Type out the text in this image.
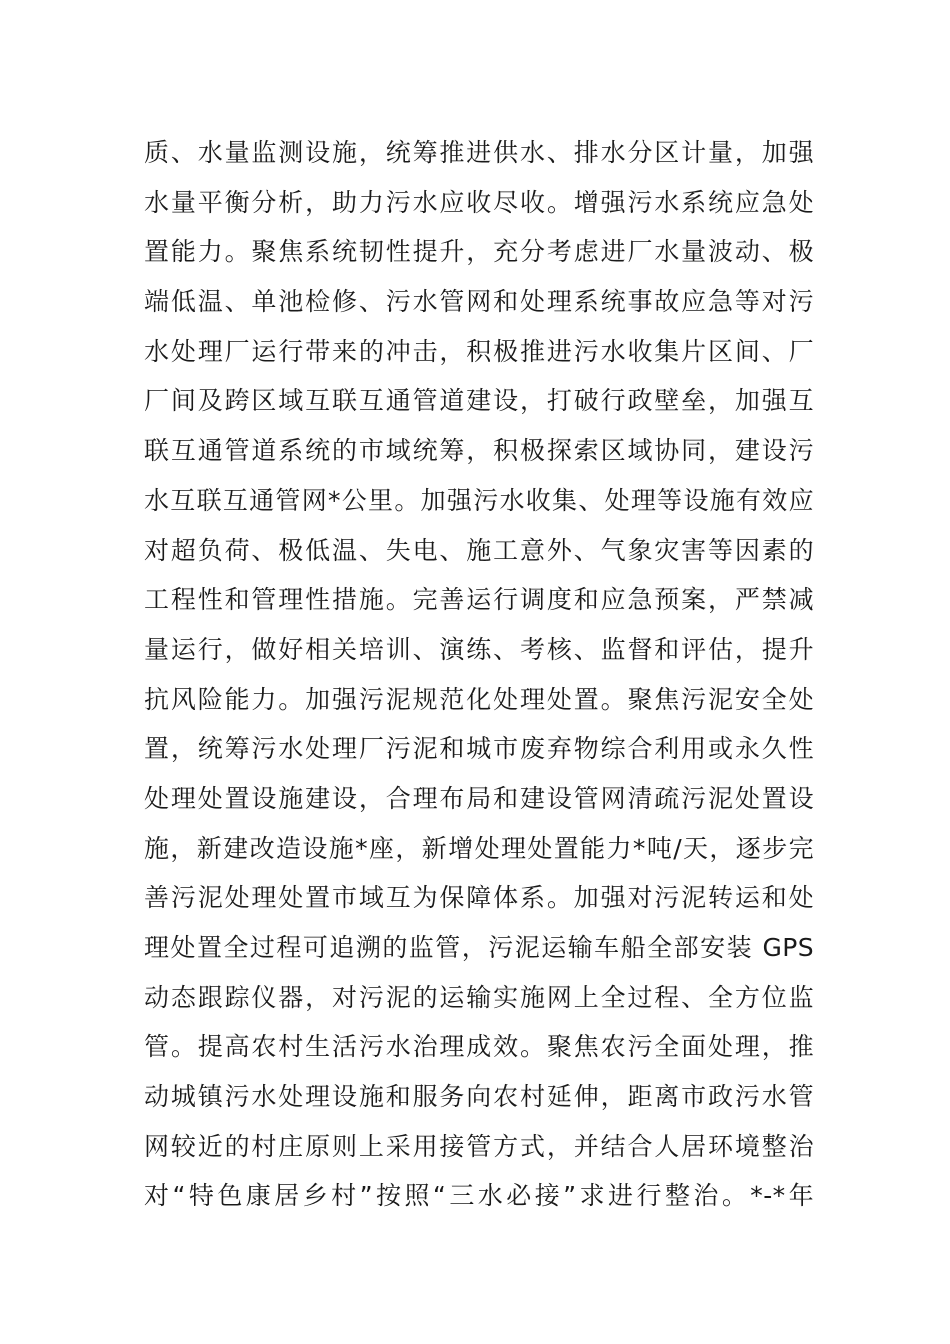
质、水量监测设施，统筹推进供水、排水分区计量，加强
水量平衡分析，助力污水应收尽收。增强污水系统应急处
置能力。聚焦系统韧性提升，充分考虑进厂水量波动、极
端低温、单池检修、污水管网和处理系统事故应急等对污
水处理厂运行带来的冲击，积极推进污水收集片区间、厂
厂间及跨区域互联互通管道建设，打破行政壁垒，加强互
联互通管道系统的市域统筹，积极探索区域协同，建设污
水互联互通管网*公里。加强污水收集、处理等设施有效应
对超负荷、极低温、失电、施工意外、气象灾害等因素的
工程性和管理性措施。完善运行调度和应急预案，严禁减
量运行，做好相关培训、演练、考核、监督和评估，提升
抗风险能力。加强污泥规范化处理处置。聚焦污泥安全处
置，统筹污水处理厂污泥和城市废弃物综合利用或永久性
处理处置设施建设，合理布局和建设管网清疏污泥处置设
施，新建改造设施*座，新增处理处置能力*吨/天，逐步完
善污泥处理处置市域互为保障体系。加强对污泥转运和处
理处置全过程可追溯的监管，污泥运输车船全部安装 GPS
动态跟踪仪器，对污泥的运输实施网上全过程、全方位监
管。提高农村生活污水治理成效。聚焦农污全面处理，推
动城镇污水处理设施和服务向农村延伸，距离市政污水管
网较近的村庄原则上采用接管方式，并结合人居环境整治
对“特色康居乡村”按照“三水必接”求进行整治。*-*年
